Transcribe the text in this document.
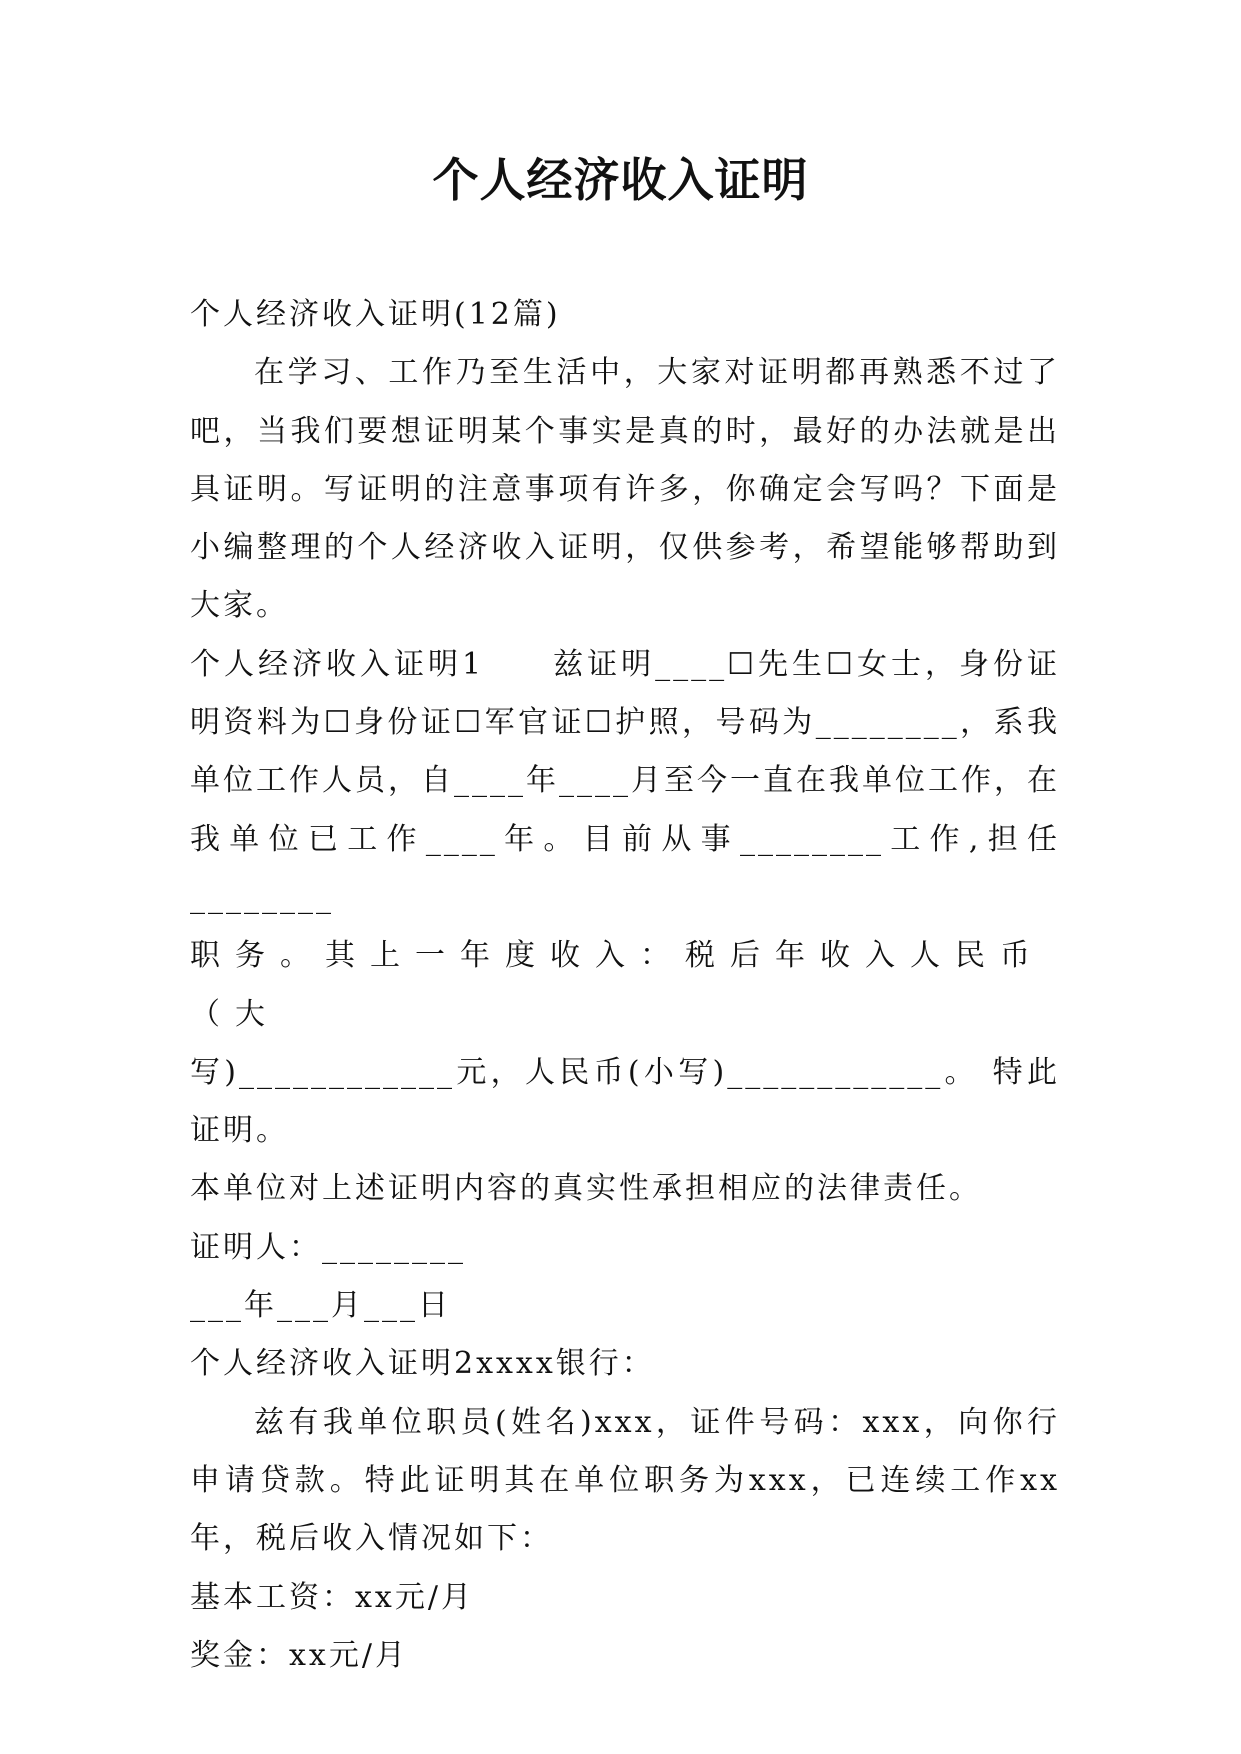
个人经济收入证明

个人经济收入证明(12篇)

在学习、工作乃至生活中，大家对证明都再熟悉不过了吧，当我们要想证明某个事实是真的时，最好的办法就是出具证明。写证明的注意事项有许多，你确定会写吗？下面是小编整理的个人经济收入证明，仅供参考，希望能够帮助到大家。

个人经济收入证明1　　兹证明____☐先生☐女士，身份证明资料为☐身份证☐军官证☐护照，号码为________，系我单位工作人员，自____年____月至今一直在我单位工作，在我单位已工作____年。目前从事________工作,担任________

职务。其上一年度收入：税后年收入人民币（大

写)____________元，人民币(小写)____________。 特此证明。

本单位对上述证明内容的真实性承担相应的法律责任。

证明人：________

___年___月___日

个人经济收入证明2xxxx银行：

兹有我单位职员(姓名)xxx，证件号码：xxx，向你行申请贷款。特此证明其在单位职务为xxx，已连续工作xx年，税后收入情况如下：

基本工资：xx元/月

奖金：xx元/月
